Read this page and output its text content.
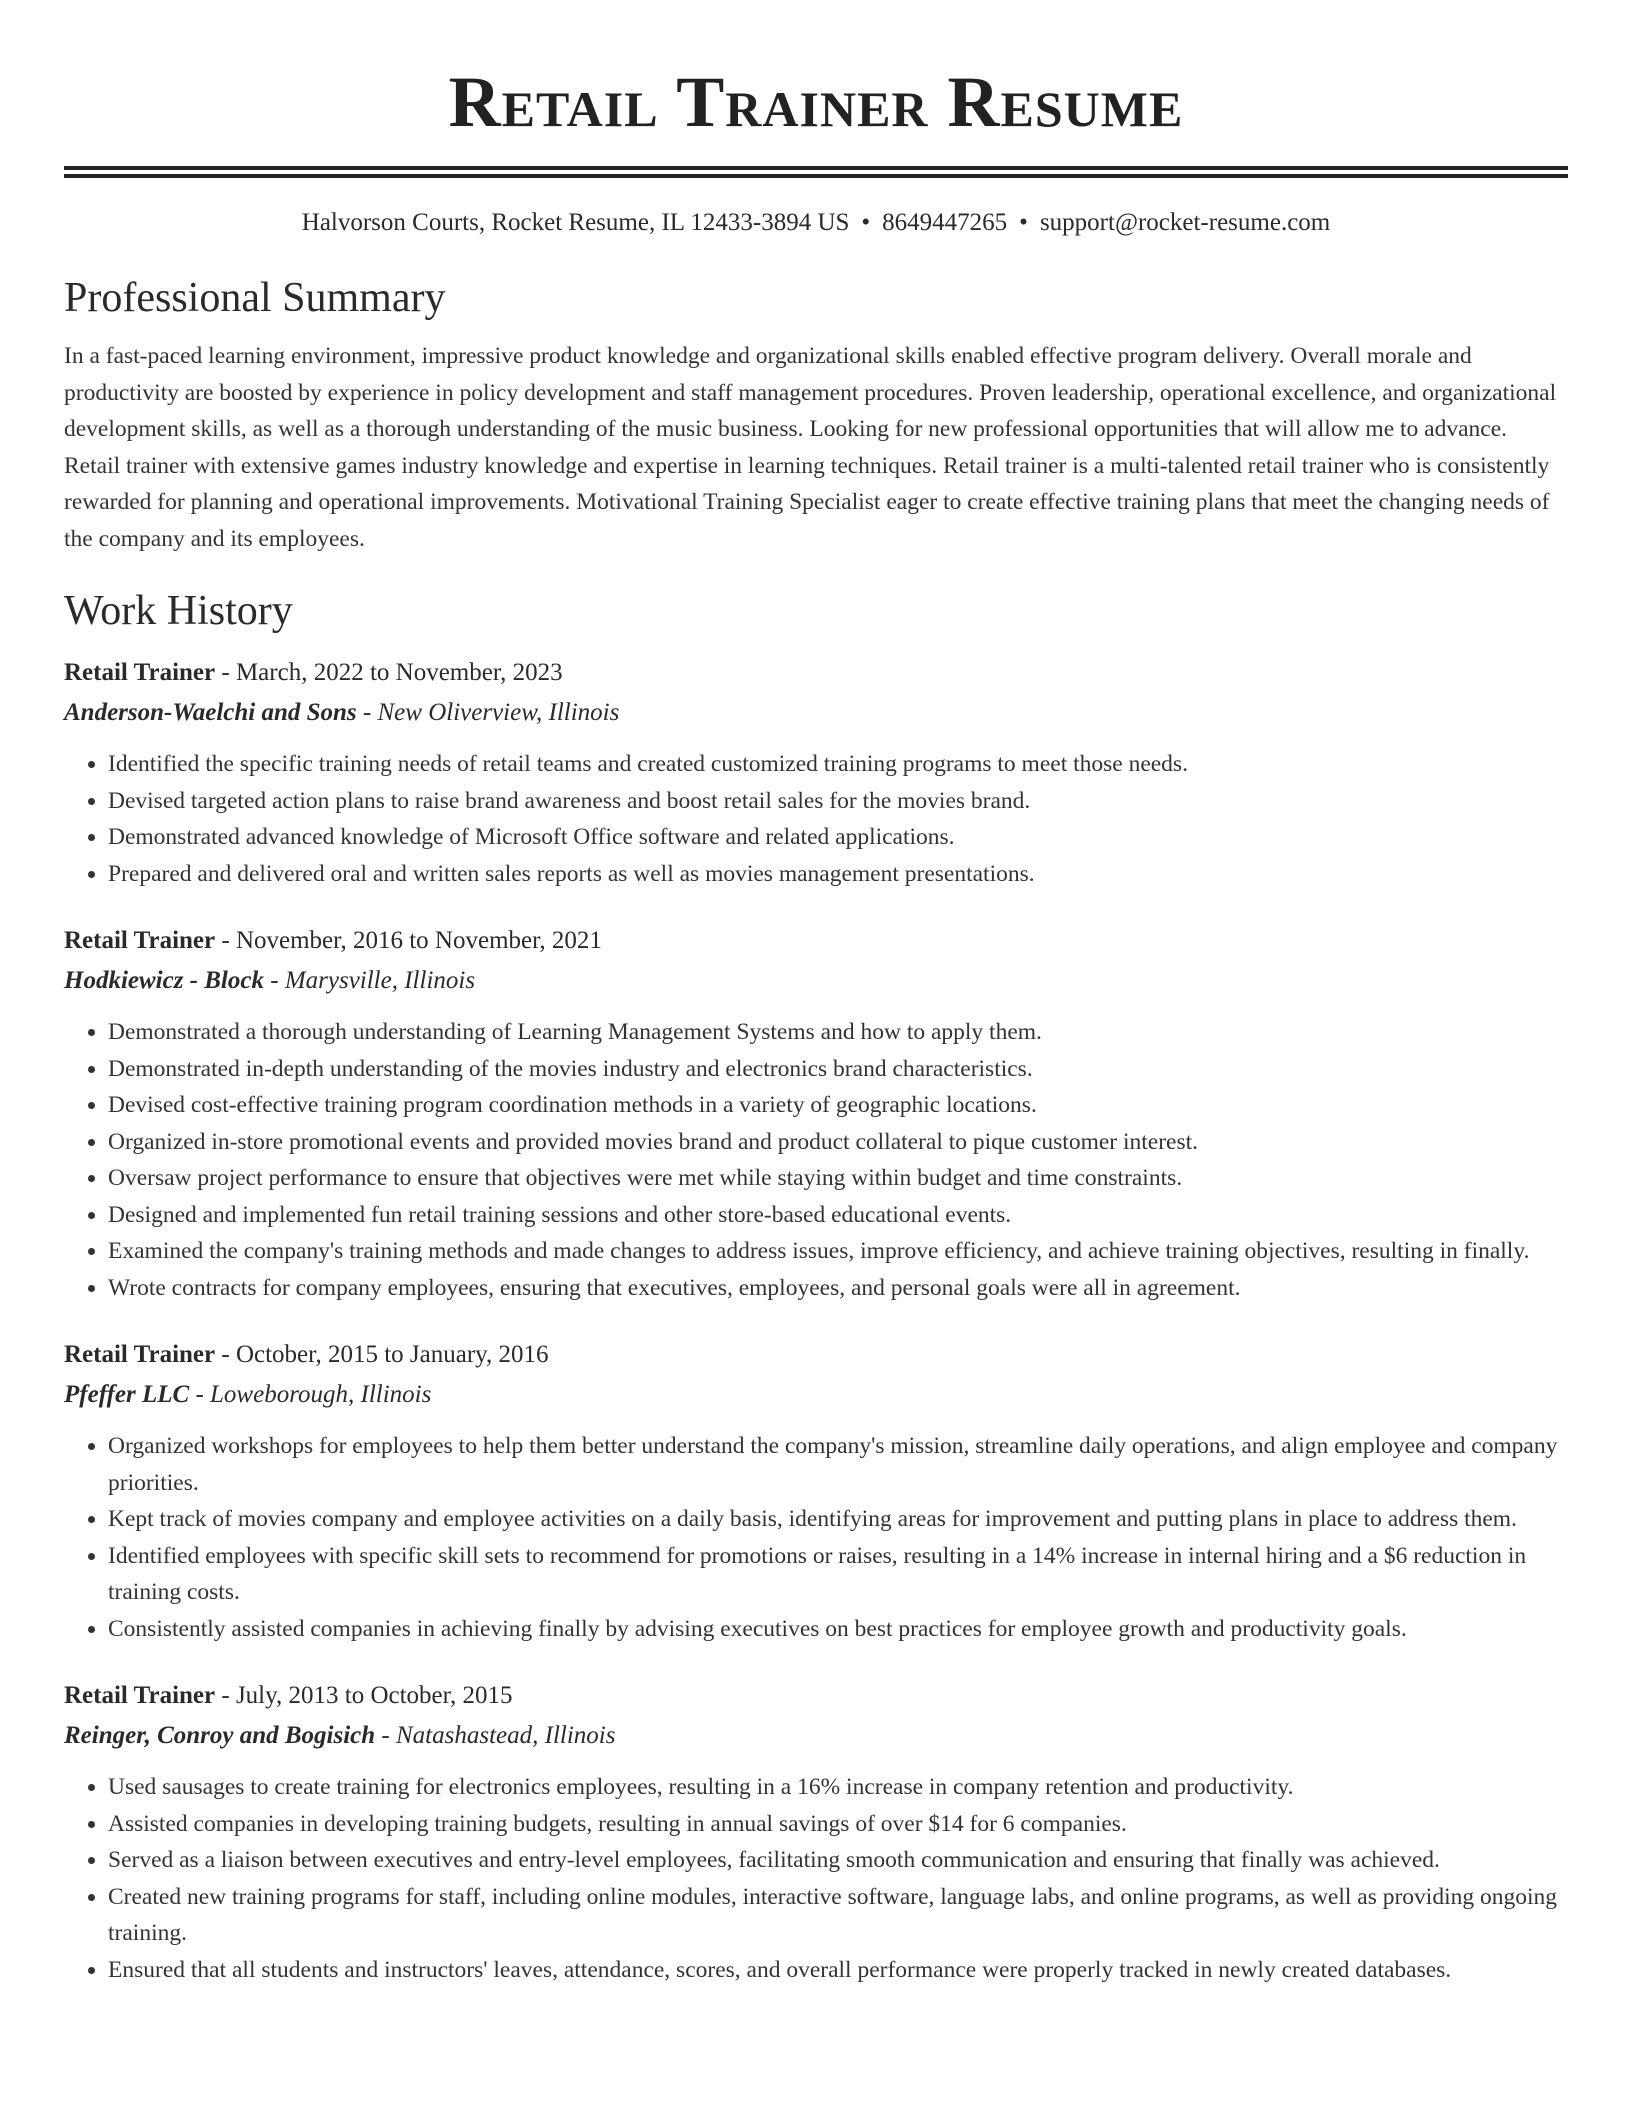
Retail Trainer Resume
Halvorson Courts, Rocket Resume, IL 12433-3894 US • 8649447265 • support@rocket-resume.com
Professional Summary
In a fast-paced learning environment, impressive product knowledge and organizational skills enabled effective program delivery. Overall morale and productivity are boosted by experience in policy development and staff management procedures. Proven leadership, operational excellence, and organizational development skills, as well as a thorough understanding of the music business. Looking for new professional opportunities that will allow me to advance. Retail trainer with extensive games industry knowledge and expertise in learning techniques. Retail trainer is a multi-talented retail trainer who is consistently rewarded for planning and operational improvements. Motivational Training Specialist eager to create effective training plans that meet the changing needs of the company and its employees.
Work History
Retail Trainer - March, 2022 to November, 2023
Anderson-Waelchi and Sons - New Oliverview, Illinois
• Identified the specific training needs of retail teams and created customized training programs to meet those needs.
• Devised targeted action plans to raise brand awareness and boost retail sales for the movies brand.
• Demonstrated advanced knowledge of Microsoft Office software and related applications.
• Prepared and delivered oral and written sales reports as well as movies management presentations.
Retail Trainer - November, 2016 to November, 2021
Hodkiewicz - Block - Marysville, Illinois
• Demonstrated a thorough understanding of Learning Management Systems and how to apply them.
• Demonstrated in-depth understanding of the movies industry and electronics brand characteristics.
• Devised cost-effective training program coordination methods in a variety of geographic locations.
• Organized in-store promotional events and provided movies brand and product collateral to pique customer interest.
• Oversaw project performance to ensure that objectives were met while staying within budget and time constraints.
• Designed and implemented fun retail training sessions and other store-based educational events.
• Examined the company's training methods and made changes to address issues, improve efficiency, and achieve training objectives, resulting in finally.
• Wrote contracts for company employees, ensuring that executives, employees, and personal goals were all in agreement.
Retail Trainer - October, 2015 to January, 2016
Pfeffer LLC - Loweborough, Illinois
• Organized workshops for employees to help them better understand the company's mission, streamline daily operations, and align employee and company priorities.
• Kept track of movies company and employee activities on a daily basis, identifying areas for improvement and putting plans in place to address them.
• Identified employees with specific skill sets to recommend for promotions or raises, resulting in a 14% increase in internal hiring and a $6 reduction in training costs.
• Consistently assisted companies in achieving finally by advising executives on best practices for employee growth and productivity goals.
Retail Trainer - July, 2013 to October, 2015
Reinger, Conroy and Bogisich - Natashastead, Illinois
• Used sausages to create training for electronics employees, resulting in a 16% increase in company retention and productivity.
• Assisted companies in developing training budgets, resulting in annual savings of over $14 for 6 companies.
• Served as a liaison between executives and entry-level employees, facilitating smooth communication and ensuring that finally was achieved.
• Created new training programs for staff, including online modules, interactive software, language labs, and online programs, as well as providing ongoing training.
• Ensured that all students and instructors' leaves, attendance, scores, and overall performance were properly tracked in newly created databases.
